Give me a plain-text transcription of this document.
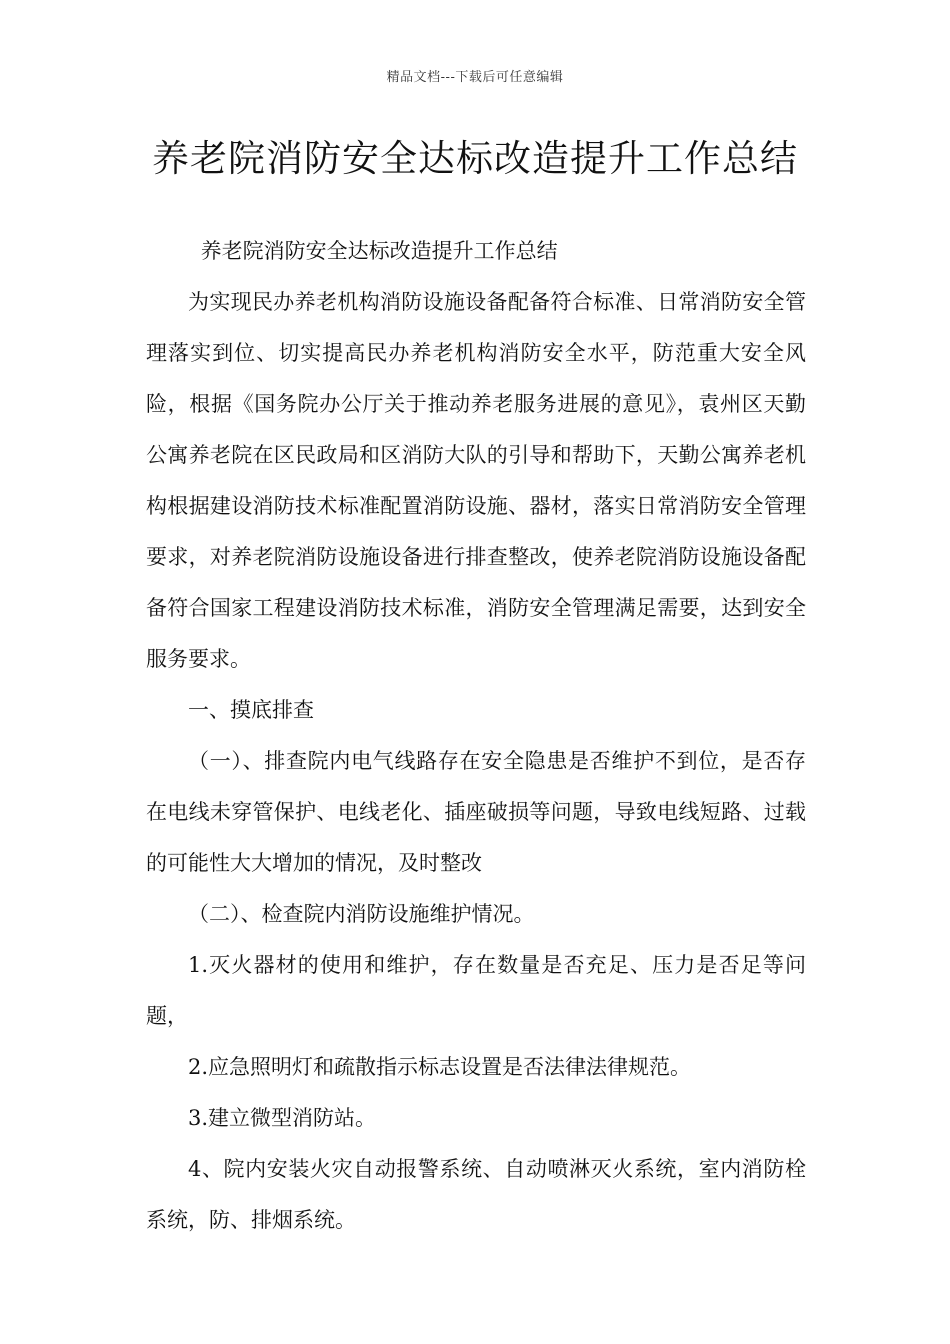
精品文档---下载后可任意编辑
养老院消防安全达标改造提升工作总结

养老院消防安全达标改造提升工作总结

为实现民办养老机构消防设施设备配备符合标准、日常消防安全管理落实到位、切实提高民办养老机构消防安全水平，防范重大安全风险，根据《国务院办公厅关于推动养老服务进展的意见》，袁州区天勤公寓养老院在区民政局和区消防大队的引导和帮助下，天勤公寓养老机构根据建设消防技术标准配置消防设施、器材，落实日常消防安全管理要求，对养老院消防设施设备进行排查整改，使养老院消防设施设备配备符合国家工程建设消防技术标准，消防安全管理满足需要，达到安全服务要求。

一、摸底排查

（一）、排查院内电气线路存在安全隐患是否维护不到位，是否存在电线未穿管保护、电线老化、插座破损等问题，导致电线短路、过载的可能性大大增加的情况，及时整改

（二）、检查院内消防设施维护情况。

1.灭火器材的使用和维护，存在数量是否充足、压力是否足等问题，

2.应急照明灯和疏散指示标志设置是否法律法律规范。

3.建立微型消防站。

4、院内安装火灾自动报警系统、自动喷淋灭火系统，室内消防栓系统，防、排烟系统。
